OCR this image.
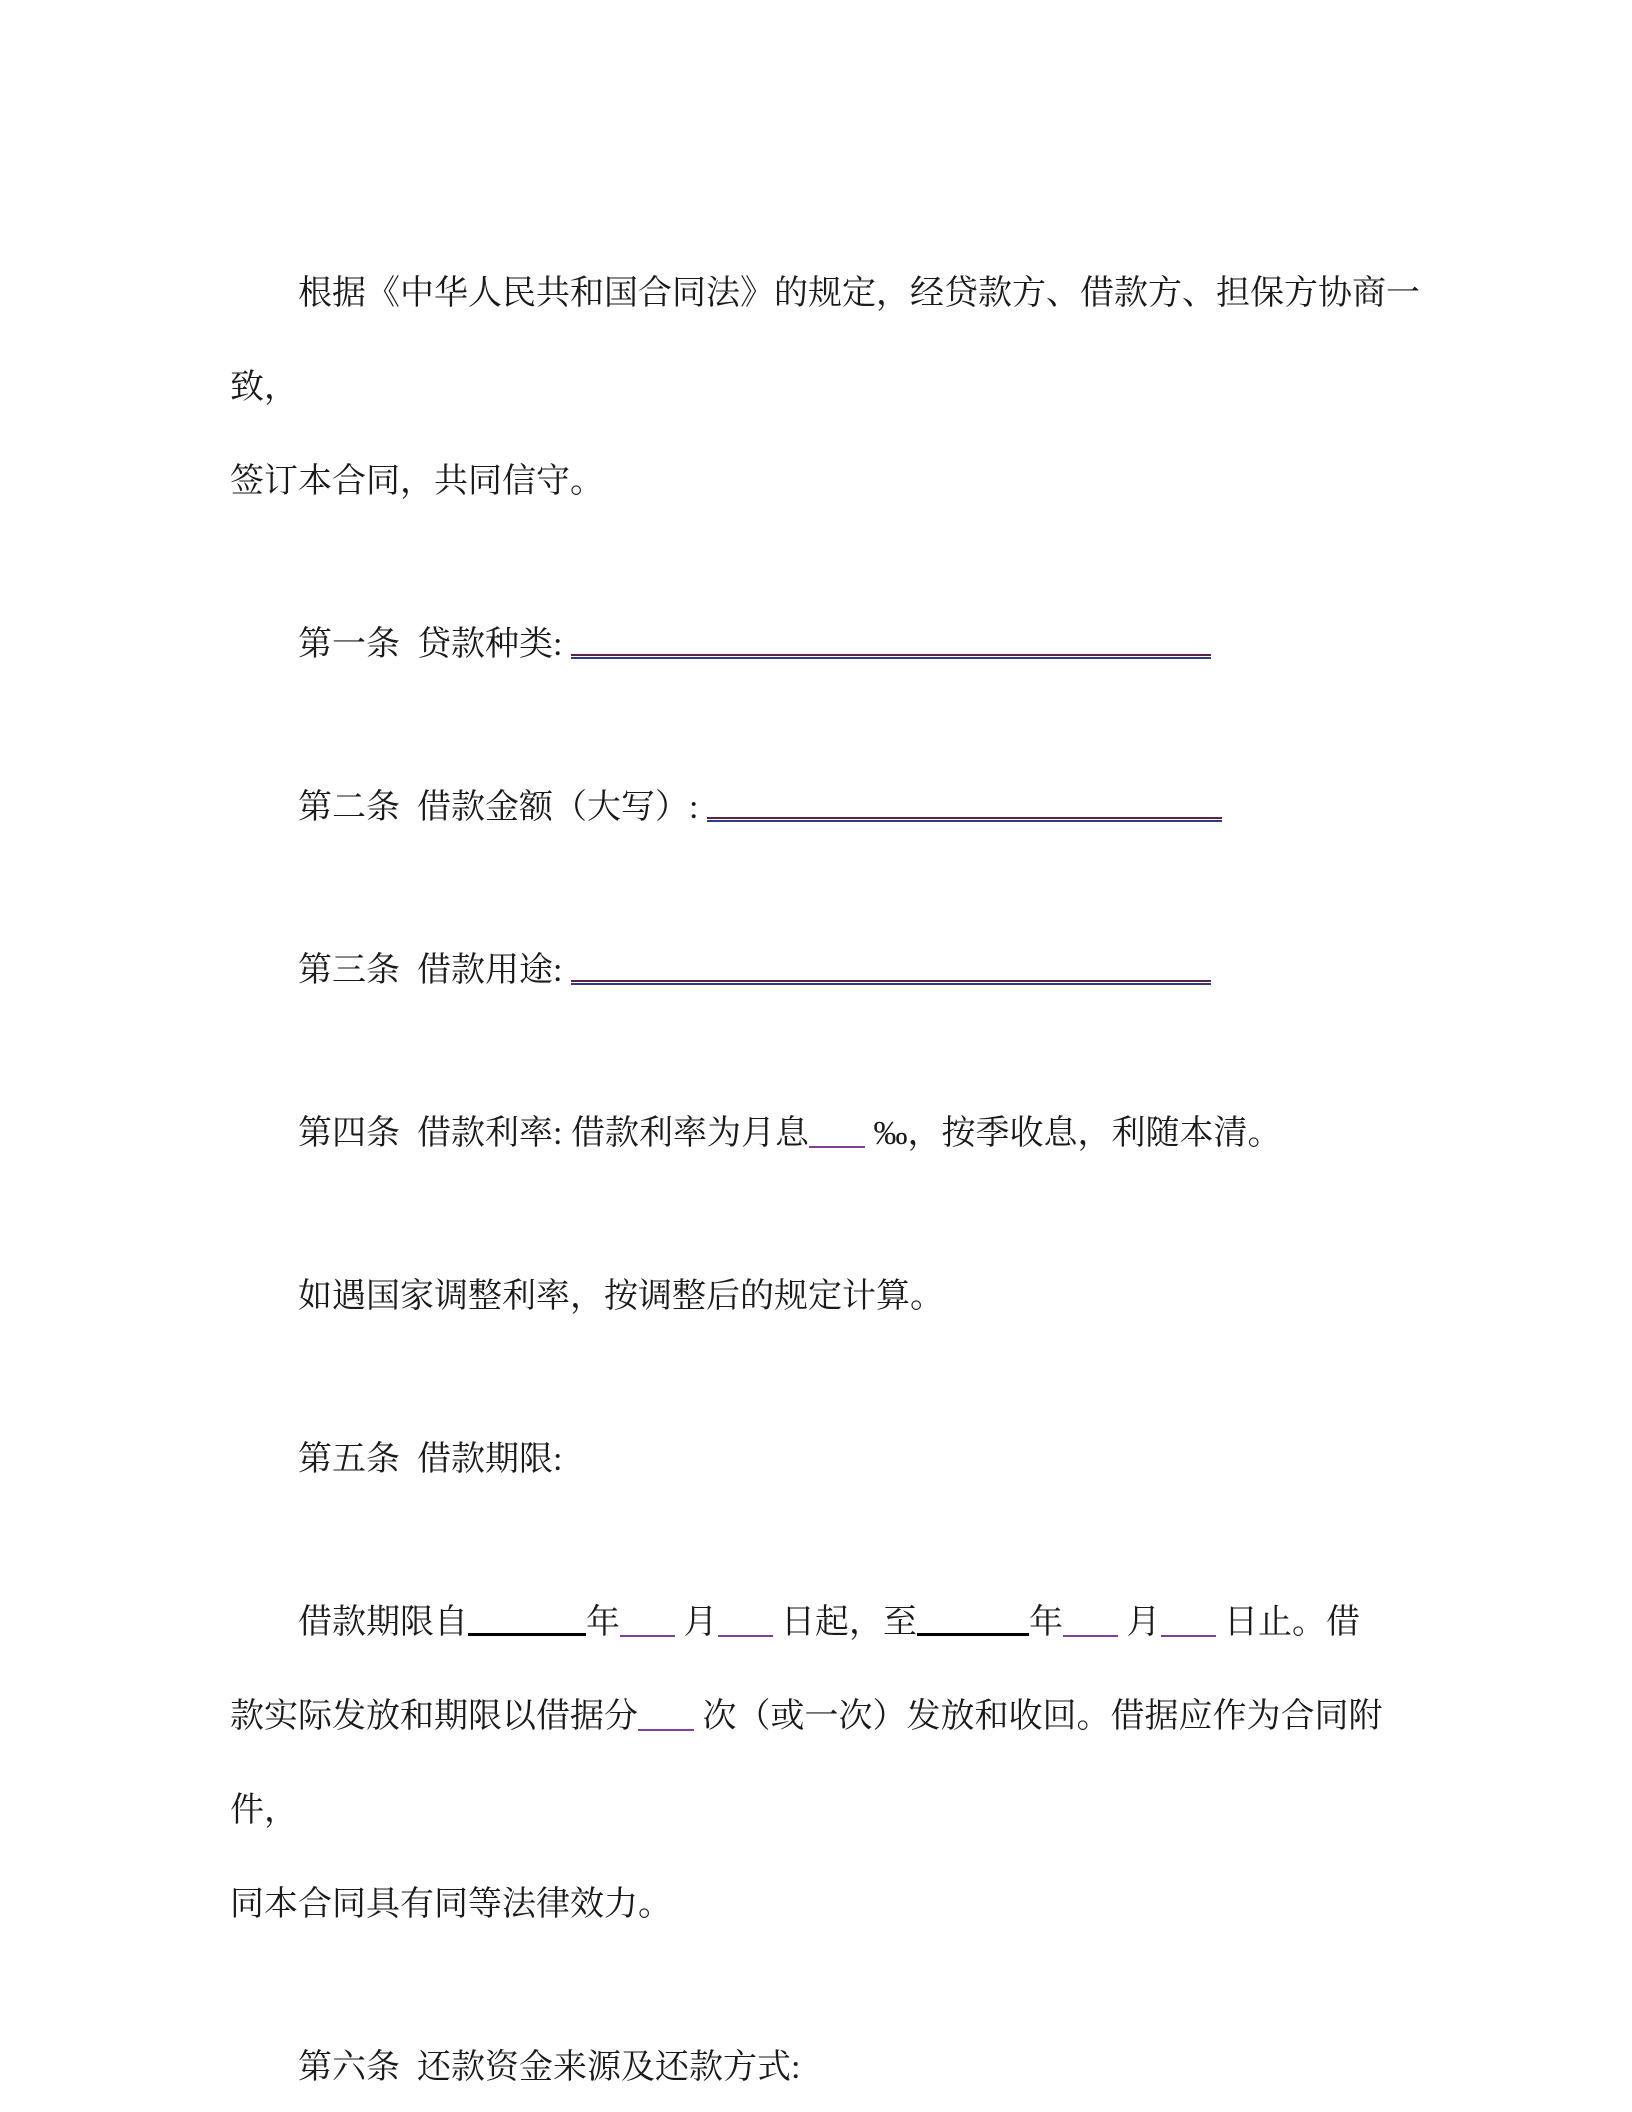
根据《中华人民共和国合同法》的规定，经贷款方、借款方、担保方协商一致，
签订本合同，共同信守。

第一条  贷款种类:

第二条  借款金额（大写）:

第三条  借款用途:

第四条  借款利率: 借款利率为月息 ‰，按季收息，利随本清。

如遇国家调整利率，按调整后的规定计算。

第五条  借款期限:

借款期限自	年 月 日起，至	年 月 日止。借
款实际发放和期限以借据分 次（或一次）发放和收回。借据应作为合同附件，
同本合同具有同等法律效力。

第六条  还款资金来源及还款方式:
